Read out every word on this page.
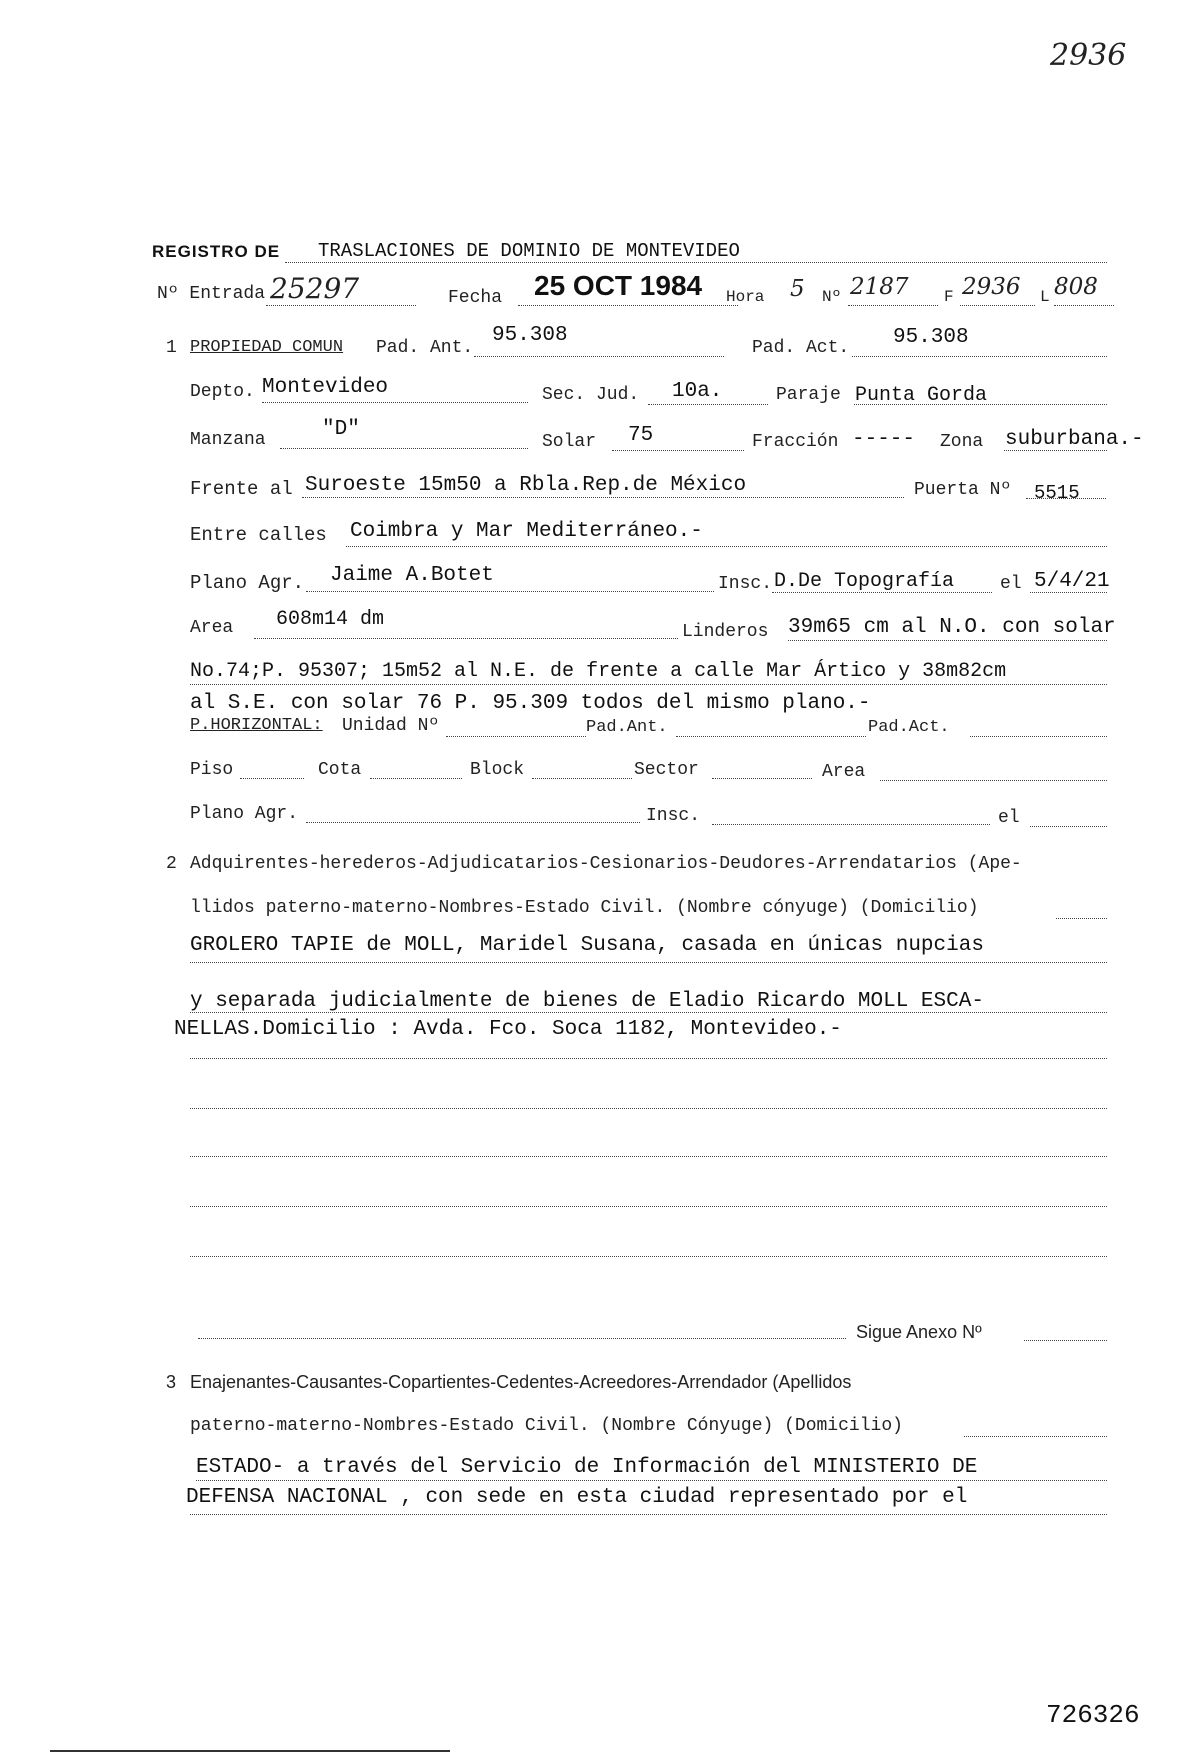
2936
REGISTRO DE TRASLACIONES DE DOMINIO DE MONTEVIDEO
Nº Entrada 25297	Fecha 25 OCT 1984 Hora 5 Nº 2187 F 2936 L 808
1 PROPIEDAD COMUN Pad. Ant.
95.308
Pad. Act. 95.308
Depto. Montevideo	Sec. Jud. 10a.	Paraje Punta Gorda
Manzana	"D"
Solar 75	Fracción ----- Zona suburbana.-
Frente al Suroeste 15m50 a Rbla.Rep.de México	Puerta Nº 5515
Entre calles Coimbra y Mar Mediterráneo.-
Plano Agr. Jaime A.Botet	Insc. D.De Topografía	el 5/4/21
Area 608m14 dm
Linderos 39m65 cm al N.O. con solar
No.74;P. 95307; 15m52 al N.E. de frente a calle Mar Ártico y 38m82cm
al S.E. con solar 76 P. 95.309 todos del mismo plano.-
P.HORIZONTAL: Unidad Nº	Pad.Ant.	Pad.Act.
Piso	Cota	Block	Sector	Area
Plano Agr.	Insc.	el
2 Adquirentes-herederos-Adjudicatarios-Cesionarios-Deudores-Arrendatarios (Ape-
llidos paterno-materno-Nombres-Estado Civil. (Nombre cónyuge) (Domicilio)
GROLERO TAPIE de MOLL, Maridel Susana, casada en únicas nupcias
y separada judicialmente de bienes de Eladio Ricardo MOLL ESCA-
NELLAS.Domicilio : Avda. Fco. Soca 1182, Montevideo.-
Sigue Anexo Nº
3 Enajenantes-Causantes-Copartientes-Cedentes-Acreedores-Arrendador (Apellidos
paterno-materno-Nombres-Estado Civil. (Nombre Cónyuge) (Domicilio)
ESTADO- a través del Servicio de Información del MINISTERIO DE
DEFENSA NACIONAL , con sede en esta ciudad representado por el
726326
